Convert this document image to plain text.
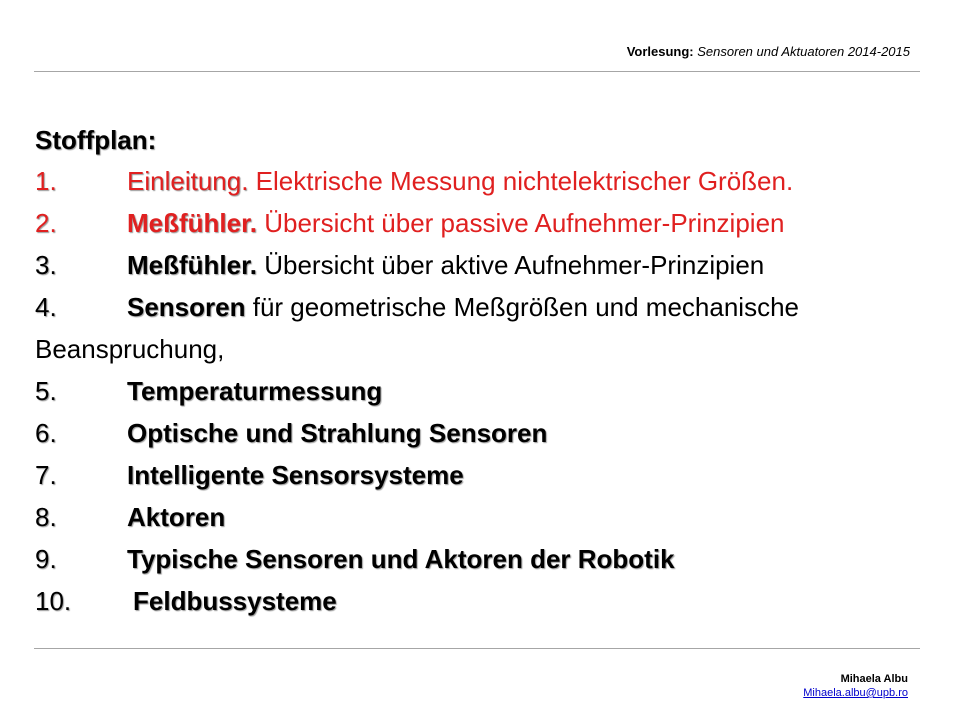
Vorlesung: Sensoren und Aktuatoren 2014-2015
Stoffplan:
1.	Einleitung. Elektrische Messung nichtelektrischer Größen.
2.	Meßfühler. Übersicht über passive Aufnehmer-Prinzipien
3.	Meßfühler. Übersicht über aktive Aufnehmer-Prinzipien
4.	Sensoren für geometrische Meßgrößen und mechanische
Beanspruchung,
5.	Temperaturmessung
6.	Optische und Strahlung Sensoren
7.	Intelligente Sensorsysteme
8.	Aktoren
9.	Typische Sensoren und Aktoren der Robotik
10. Feldbussysteme
Mihaela Albu
Mihaela.albu@upb.ro
